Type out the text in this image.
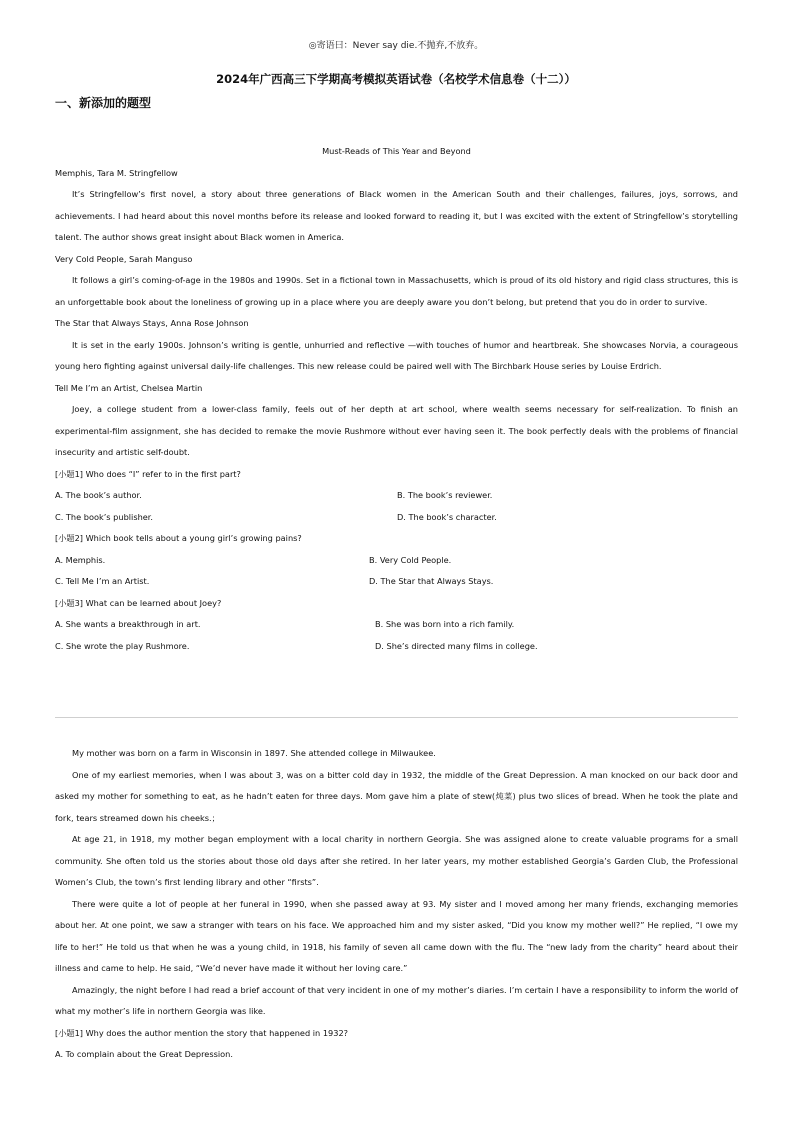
◎寄语曰：Never say die.不抛弃,不放弃。
2024年广西高三下学期高考模拟英语试卷（名校学术信息卷（十二））
一、新添加的题型
Must-Reads of This Year and Beyond
Memphis, Tara M. Stringfellow
It’s Stringfellow’s first novel, a story about three generations of Black women in the American South and their challenges, failures, joys, sorrows, and achievements. I had heard about this novel months before its release and looked forward to reading it, but I was excited with the extent of Stringfellow’s storytelling talent. The author shows great insight about Black women in America.
Very Cold People, Sarah Manguso
It follows a girl’s coming-of-age in the 1980s and 1990s. Set in a fictional town in Massachusetts, which is proud of its old history and rigid class structures, this is an unforgettable book about the loneliness of growing up in a place where you are deeply aware you don’t belong, but pretend that you do in order to survive.
The Star that Always Stays, Anna Rose Johnson
It is set in the early 1900s. Johnson’s writing is gentle, unhurried and reflective —with touches of humor and heartbreak. She showcases Norvia, a courageous young hero fighting against universal daily-life challenges. This new release could be paired well with The Birchbark House series by Louise Erdrich.
Tell Me I’m an Artist, Chelsea Martin
Joey, a college student from a lower-class family, feels out of her depth at art school, where wealth seems necessary for self-realization. To finish an experimental-film assignment, she has decided to remake the movie Rushmore without ever having seen it. The book perfectly deals with the problems of financial insecurity and artistic self-doubt.
[小题1] Who does “I” refer to in the first part?
A. The book’s author.	B. The book’s reviewer.
C. The book’s publisher.	D. The book’s character.
[小题2] Which book tells about a young girl’s growing pains?
A. Memphis.	B. Very Cold People.
C. Tell Me I’m an Artist.	D. The Star that Always Stays.
[小题3] What can be learned about Joey?
A. She wants a breakthrough in art.	B. She was born into a rich family.
C. She wrote the play Rushmore.	D. She’s directed many films in college.
My mother was born on a farm in Wisconsin in 1897. She attended college in Milwaukee.
One of my earliest memories, when I was about 3, was on a bitter cold day in 1932, the middle of the Great Depression. A man knocked on our back door and asked my mother for something to eat, as he hadn’t eaten for three days. Mom gave him a plate of stew(炖菜) plus two slices of bread. When he took the plate and fork, tears streamed down his cheeks.；
At age 21, in 1918, my mother began employment with a local charity in northern Georgia. She was assigned alone to create valuable programs for a small community. She often told us the stories about those old days after she retired. In her later years, my mother established Georgia’s Garden Club, the Professional Women’s Club, the town’s first lending library and other “firsts”.
There were quite a lot of people at her funeral in 1990, when she passed away at 93. My sister and I moved among her many friends, exchanging memories about her. At one point, we saw a stranger with tears on his face. We approached him and my sister asked, “Did you know my mother well?” He replied, “I owe my life to her!” He told us that when he was a young child, in 1918, his family of seven all came down with the flu. The “new lady from the charity” heard about their illness and came to help. He said, “We’d never have made it without her loving care.”
Amazingly, the night before I had read a brief account of that very incident in one of my mother’s diaries. I’m certain I have a responsibility to inform the world of what my mother’s life in northern Georgia was like.
[小题1] Why does the author mention the story that happened in 1932?
A. To complain about the Great Depression.
